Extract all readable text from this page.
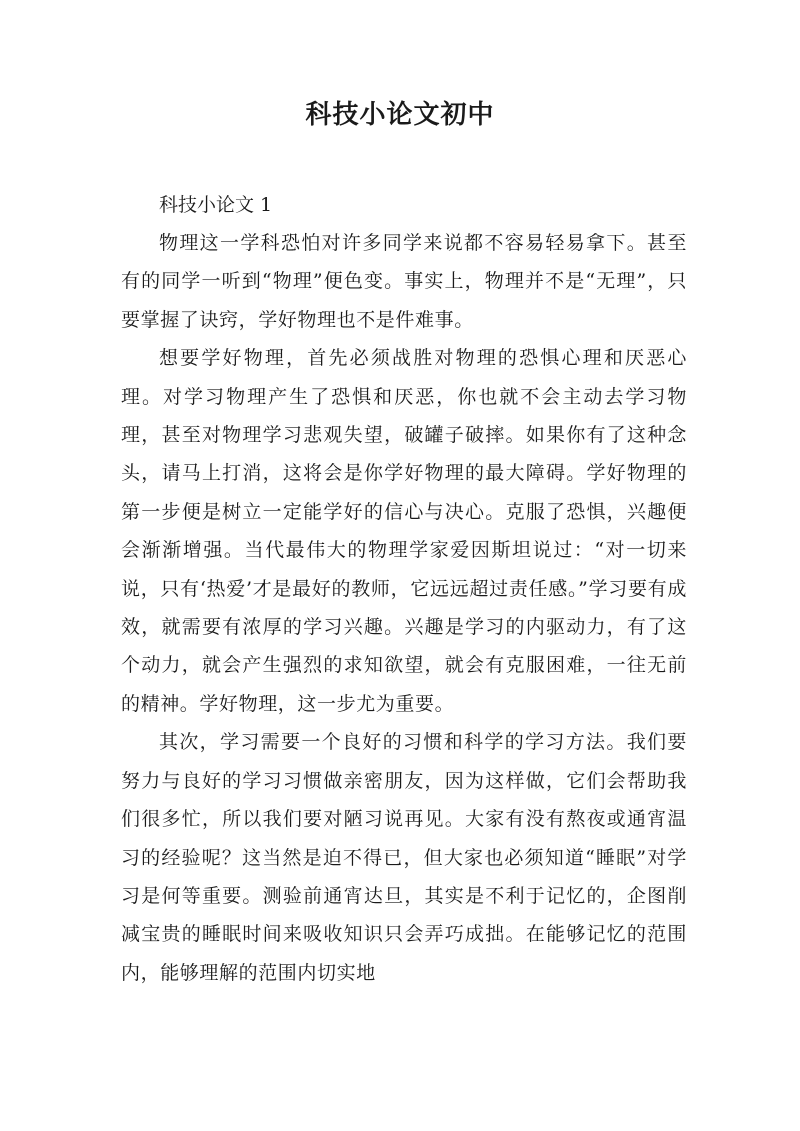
科技小论文初中

科技小论文 1

物理这一学科恐怕对许多同学来说都不容易轻易拿下。甚至有的同学一听到“物理”便色变。事实上，物理并不是“无理”，只要掌握了诀窍，学好物理也不是件难事。

想要学好物理，首先必须战胜对物理的恐惧心理和厌恶心理。对学习物理产生了恐惧和厌恶，你也就不会主动去学习物理，甚至对物理学习悲观失望，破罐子破摔。如果你有了这种念头，请马上打消，这将会是你学好物理的最大障碍。学好物理的第一步便是树立一定能学好的信心与决心。克服了恐惧，兴趣便会渐渐增强。当代最伟大的物理学家爱因斯坦说过：“对一切来说，只有‘热爱’才是最好的教师，它远远超过责任感。”学习要有成效，就需要有浓厚的学习兴趣。兴趣是学习的内驱动力，有了这个动力，就会产生强烈的求知欲望，就会有克服困难，一往无前的精神。学好物理，这一步尤为重要。

其次，学习需要一个良好的习惯和科学的学习方法。我们要努力与良好的学习习惯做亲密朋友，因为这样做，它们会帮助我们很多忙，所以我们要对陋习说再见。大家有没有熬夜或通宵温习的经验呢？这当然是迫不得已，但大家也必须知道“睡眠”对学习是何等重要。测验前通宵达旦，其实是不利于记忆的，企图削减宝贵的睡眠时间来吸收知识只会弄巧成拙。在能够记忆的范围内，能够理解的范围内切实地
